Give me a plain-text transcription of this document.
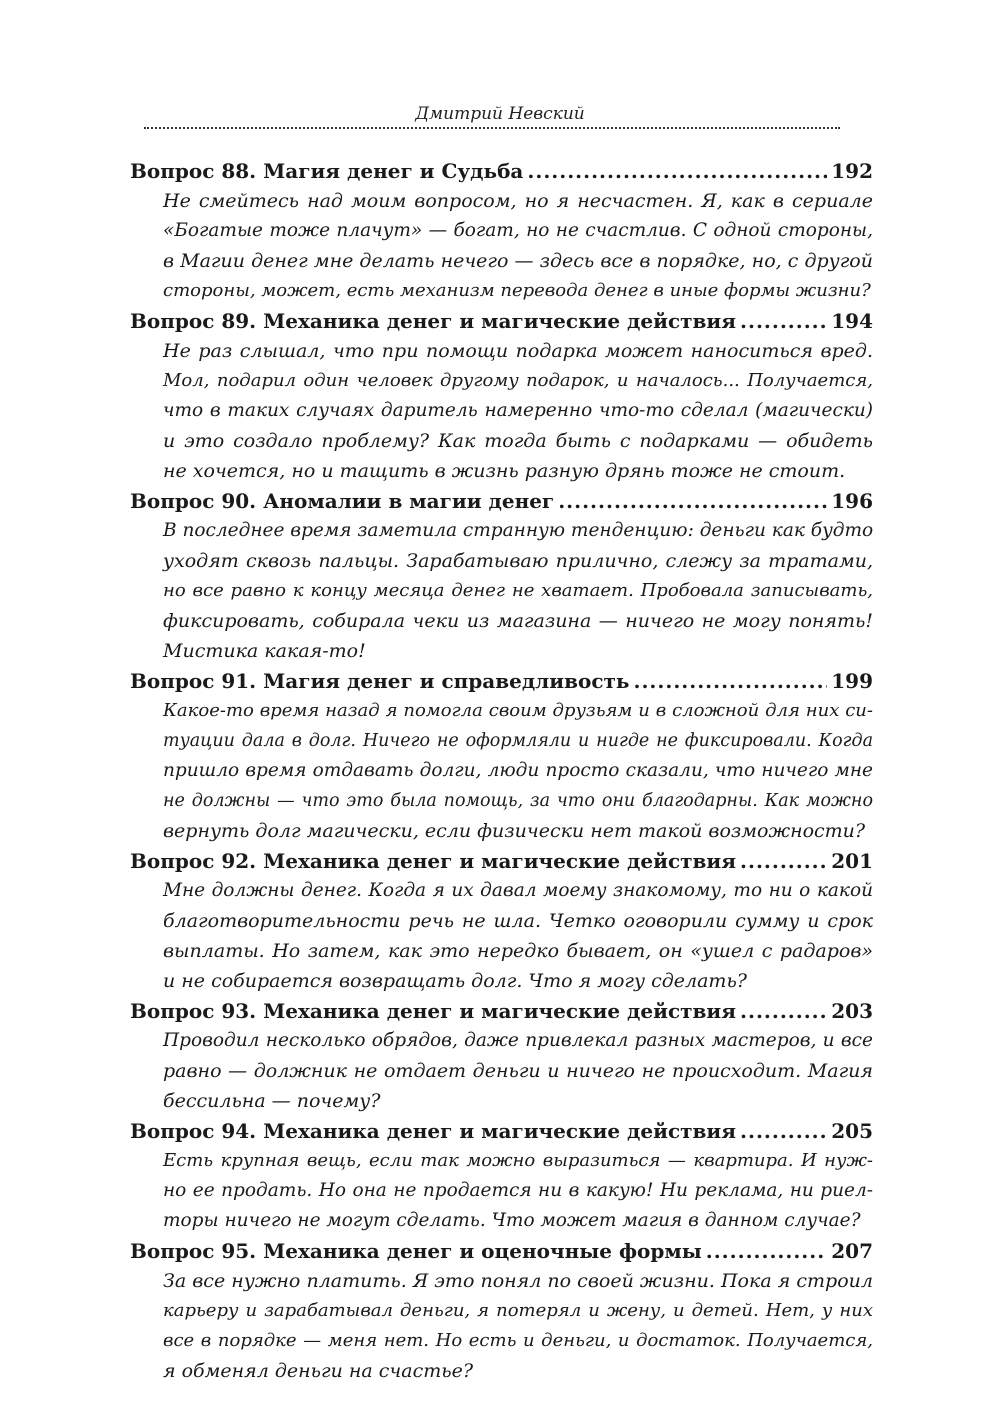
Дмитрий Невский
Вопрос 88. Магия денег и Судьба .....	192
Не смейтесь над моим вопросом, но я несчастен. Я, как в сериале
«Богатые тоже плачут» — богат, но не счастлив. С одной стороны,
в Магии денег мне делать нечего — здесь все в порядке, но, с другой
стороны, может, есть механизм перевода денег в иные формы жизни?
Вопрос 89. Механика денег и магические действия .....	194
Не раз слышал, что при помощи подарка может наноситься вред.
Мол, подарил один человек другому подарок, и началось... Получается,
что в таких случаях даритель намеренно что-то сделал (магически)
и это создало проблему? Как тогда быть с подарками — обидеть
не хочется, но и тащить в жизнь разную дрянь тоже не стоит.
Вопрос 90. Аномалии в магии денег .....	196
В последнее время заметила странную тенденцию: деньги как будто
уходят сквозь пальцы. Зарабатываю прилично, слежу за тратами,
но все равно к концу месяца денег не хватает. Пробовала записывать,
фиксировать, собирала чеки из магазина — ничего не могу понять!
Мистика какая-то!
Вопрос 91. Магия денег и справедливость .....	199
Какое-то время назад я помогла своим друзьям и в сложной для них си-
туации дала в долг. Ничего не оформляли и нигде не фиксировали. Когда
пришло время отдавать долги, люди просто сказали, что ничего мне
не должны — что это была помощь, за что они благодарны. Как можно
вернуть долг магически, если физически нет такой возможности?
Вопрос 92. Механика денег и магические действия .....	201
Мне должны денег. Когда я их давал моему знакомому, то ни о какой
благотворительности речь не шла. Четко оговорили сумму и срок
выплаты. Но затем, как это нередко бывает, он «ушел с радаров»
и не собирается возвращать долг. Что я могу сделать?
Вопрос 93. Механика денег и магические действия .....	203
Проводил несколько обрядов, даже привлекал разных мастеров, и все
равно — должник не отдает деньги и ничего не происходит. Магия
бессильна — почему?
Вопрос 94. Механика денег и магические действия .....	205
Есть крупная вещь, если так можно выразиться — квартира. И нуж-
но ее продать. Но она не продается ни в какую! Ни реклама, ни риел-
торы ничего не могут сделать. Что может магия в данном случае?
Вопрос 95. Механика денег и оценочные формы .....	207
За все нужно платить. Я это понял по своей жизни. Пока я строил
карьеру и зарабатывал деньги, я потерял и жену, и детей. Нет, у них
все в порядке — меня нет. Но есть и деньги, и достаток. Получается,
я обменял деньги на счастье?
